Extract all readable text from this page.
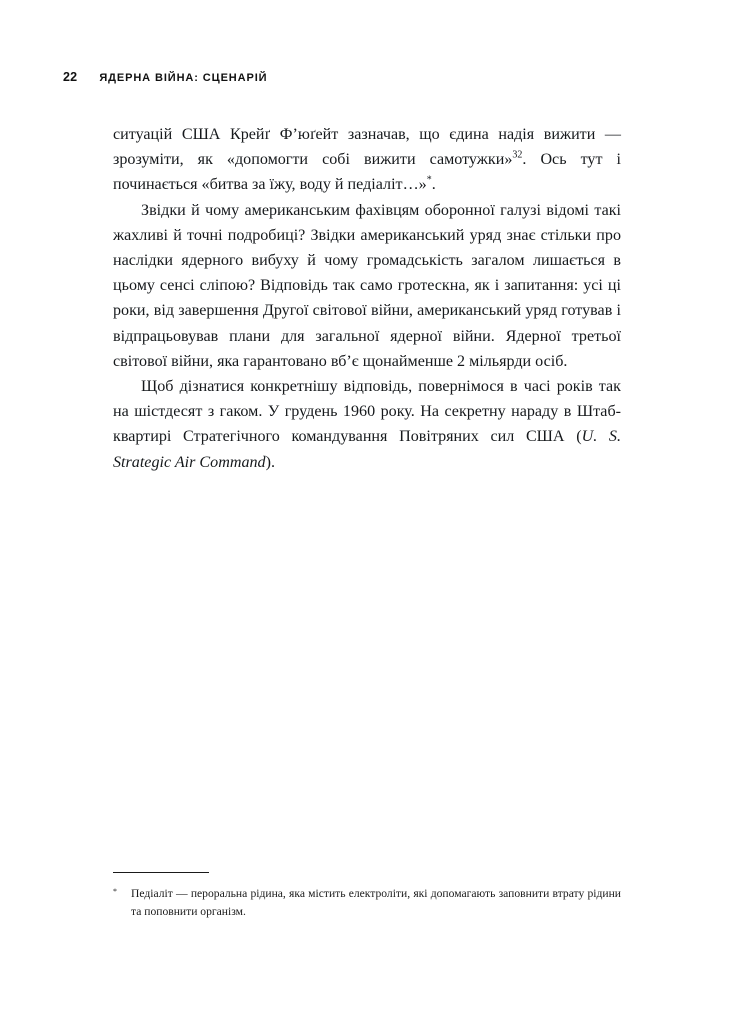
22 ЯДЕРНА ВІЙНА: СЦЕНАРІЙ

ситуацій США Крейґ Ф’юґейт зазначав, що єдина надія вижити — зрозуміти, як «допомогти собі вижити самотужки»$^{32}$. Ось тут і починається «битва за їжу, воду й педіаліт…»*.

Звідки й чому американським фахівцям оборонної галузі відомі такі жахливі й точні подробиці? Звідки американський уряд знає стільки про наслідки ядерного вибуху й чому громадськість загалом лишається в цьому сенсі сліпою? Відповідь так само гротескна, як і запитання: усі ці роки, від завершення Другої світової війни, американський уряд готував і відпрацьовував плани для загальної ядерної війни. Ядерної третьої світової війни, яка гарантовано вб’є щонайменше 2 мільярди осіб.

Щоб дізнатися конкретнішу відповідь, повернімося в часі років так на шістдесят з гаком. У грудень 1960 року. На секретну нараду в Штаб-квартирі Стратегічного командування Повітряних сил США (U. S. Strategic Air Command).

*	Педіаліт — пероральна рідина, яка містить електроліти, які допомагають заповнити втрату рідини та поповнити організм.
